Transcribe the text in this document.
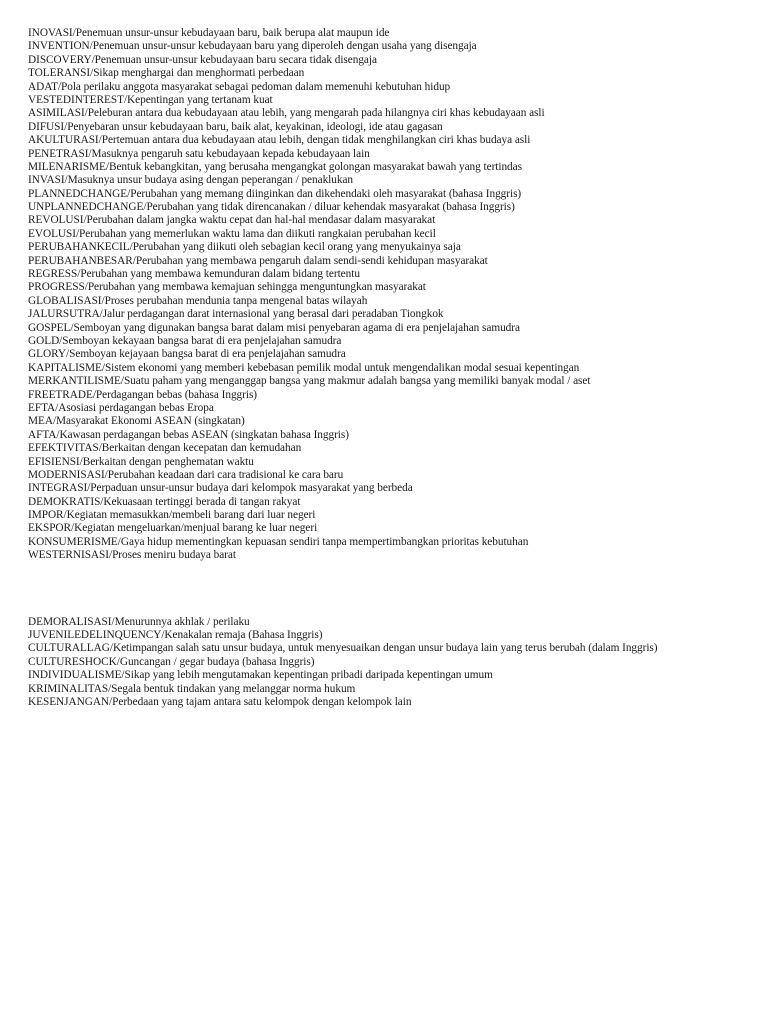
INOVASI/Penemuan unsur-unsur kebudayaan baru, baik berupa alat maupun ide
INVENTION/Penemuan unsur-unsur kebudayaan baru yang diperoleh dengan usaha yang disengaja
DISCOVERY/Penemuan unsur-unsur kebudayaan baru secara tidak disengaja
TOLERANSI/Sikap menghargai dan menghormati perbedaan
ADAT/Pola perilaku anggota masyarakat sebagai pedoman dalam memenuhi kebutuhan hidup
VESTEDINTEREST/Kepentingan yang tertanam kuat
ASIMILASI/Peleburan antara dua kebudayaan atau lebih, yang mengarah pada hilangnya ciri khas kebudayaan asli
DIFUSI/Penyebaran unsur kebudayaan baru, baik alat, keyakinan, ideologi, ide atau gagasan
AKULTURASI/Pertemuan antara dua kebudayaan atau lebih, dengan tidak menghilangkan ciri khas budaya asli
PENETRASI/Masuknya pengaruh satu kebudayaan kepada kebudayaan lain
MILENARISME/Bentuk kebangkitan, yang berusaha mengangkat golongan masyarakat bawah yang tertindas
INVASI/Masuknya unsur budaya asing dengan peperangan / penaklukan
PLANNEDCHANGE/Perubahan yang memang diinginkan dan dikehendaki oleh masyarakat (bahasa Inggris)
UNPLANNEDCHANGE/Perubahan yang tidak direncanakan / diluar kehendak masyarakat (bahasa Inggris)
REVOLUSI/Perubahan dalam jangka waktu cepat dan hal-hal mendasar dalam masyarakat
EVOLUSI/Perubahan yang memerlukan waktu lama dan diikuti rangkaian perubahan kecil
PERUBAHANKECIL/Perubahan yang diikuti oleh sebagian kecil orang yang menyukainya saja
PERUBAHANBESAR/Perubahan yang membawa pengaruh dalam sendi-sendi kehidupan masyarakat
REGRESS/Perubahan yang membawa kemunduran dalam bidang tertentu
PROGRESS/Perubahan yang membawa kemajuan sehingga menguntungkan masyarakat
GLOBALISASI/Proses perubahan mendunia tanpa mengenal batas wilayah
JALURSUTRA/Jalur perdagangan darat internasional yang berasal dari peradaban Tiongkok
GOSPEL/Semboyan yang digunakan bangsa barat dalam misi penyebaran agama di era penjelajahan samudra
GOLD/Semboyan kekayaan bangsa barat di era penjelajahan samudra
GLORY/Semboyan kejayaan bangsa barat di era penjelajahan samudra
KAPITALISME/Sistem ekonomi yang memberi kebebasan pemilik modal untuk mengendalikan modal sesuai kepentingan
MERKANTILISME/Suatu paham yang menganggap bangsa yang makmur adalah bangsa yang memiliki banyak modal / aset
FREETRADE/Perdagangan bebas (bahasa Inggris)
EFTA/Asosiasi perdagangan bebas Eropa
MEA/Masyarakat Ekonomi ASEAN (singkatan)
AFTA/Kawasan perdagangan bebas ASEAN (singkatan bahasa Inggris)
EFEKTIVITAS/Berkaitan dengan kecepatan dan kemudahan
EFISIENSI/Berkaitan dengan penghematan waktu
MODERNISASI/Perubahan keadaan dari cara tradisional ke cara baru
INTEGRASI/Perpaduan unsur-unsur budaya dari kelompok masyarakat yang berbeda
DEMOKRATIS/Kekuasaan tertinggi berada di tangan rakyat
IMPOR/Kegiatan memasukkan/membeli barang dari luar negeri
EKSPOR/Kegiatan mengeluarkan/menjual barang ke luar negeri
KONSUMERISME/Gaya hidup mementingkan kepuasan sendiri tanpa mempertimbangkan prioritas kebutuhan
WESTERNISASI/Proses meniru budaya barat
DEMORALISASI/Menurunnya akhlak / perilaku
JUVENILEDELINQUENCY/Kenakalan remaja (Bahasa Inggris)
CULTURALLAG/Ketimpangan salah satu unsur budaya, untuk menyesuaikan dengan unsur budaya lain yang terus berubah (dalam Inggris)
CULTURESHOCK/Guncangan / gegar budaya (bahasa Inggris)
INDIVIDUALISME/Sikap yang lebih mengutamakan kepentingan pribadi daripada kepentingan umum
KRIMINALITAS/Segala bentuk tindakan yang melanggar norma hukum
KESENJANGAN/Perbedaan yang tajam antara satu kelompok dengan kelompok lain
